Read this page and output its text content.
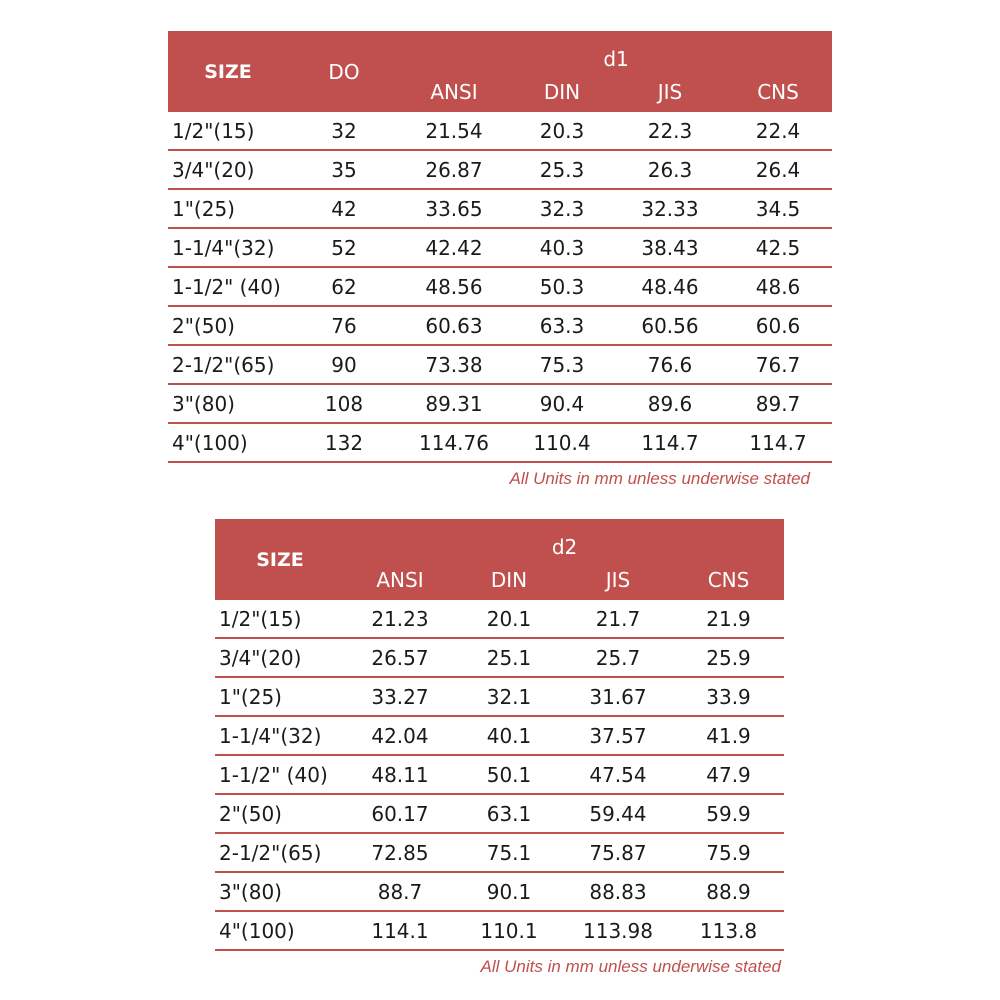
SIZE	DO	d1			
		ANSI	DIN	JIS	CNS
1/2"(15)	32	21.54	20.3	22.3	22.4
3/4"(20)	35	26.87	25.3	26.3	26.4
1"(25)	42	33.65	32.3	32.33	34.5
1-1/4"(32)	52	42.42	40.3	38.43	42.5
1-1/2" (40)	62	48.56	50.3	48.46	48.6
2"(50)	76	60.63	63.3	60.56	60.6
2-1/2"(65)	90	73.38	75.3	76.6	76.7
3"(80)	108	89.31	90.4	89.6	89.7
4"(100)	132	114.76	110.4	114.7	114.7
All Units in mm unless underwise stated
SIZE	d2			
	ANSI	DIN	JIS	CNS
1/2"(15)	21.23	20.1	21.7	21.9
3/4"(20)	26.57	25.1	25.7	25.9
1"(25)	33.27	32.1	31.67	33.9
1-1/4"(32)	42.04	40.1	37.57	41.9
1-1/2" (40)	48.11	50.1	47.54	47.9
2"(50)	60.17	63.1	59.44	59.9
2-1/2"(65)	72.85	75.1	75.87	75.9
3"(80)	88.7	90.1	88.83	88.9
4"(100)	114.1	110.1	113.98	113.8
All Units in mm unless underwise stated
